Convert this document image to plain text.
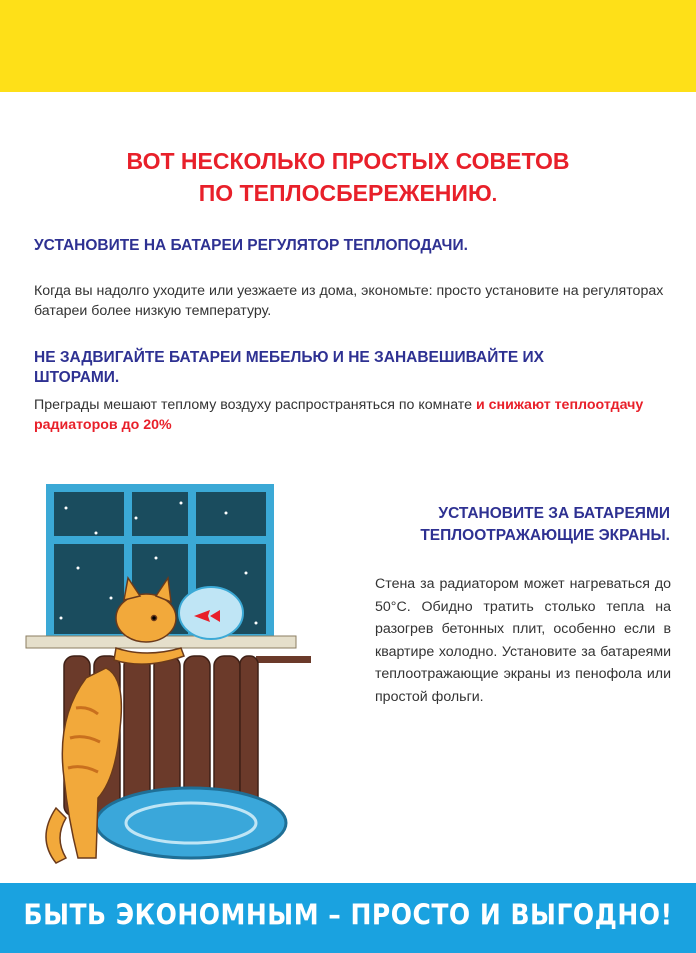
ВОТ НЕСКОЛЬКО ПРОСТЫХ СОВЕТОВ
ПО ТЕПЛОСБЕРЕЖЕНИЮ.
УСТАНОВИТЕ НА БАТАРЕИ РЕГУЛЯТОР ТЕПЛОПОДАЧИ.
Когда вы надолго уходите или уезжаете из дома, экономьте: просто установите на регуляторах батареи более низкую температуру.
НЕ ЗАДВИГАЙТЕ БАТАРЕИ МЕБЕЛЬЮ И НЕ ЗАНАВЕШИВАЙТЕ ИХ ШТОРАМИ.
Преграды мешают теплому воздуху распространяться по комнате и снижают теплоотдачу радиаторов до 20%
УСТАНОВИТЕ ЗА БАТАРЕЯМИ
ТЕПЛООТРАЖАЮЩИЕ ЭКРАНЫ.
Стена за радиатором может нагреваться до 50°С. Обидно тратить столько тепла на разогрев бетонных плит, особенно если в квартире холодно. Установите за батареями теплоотражающие экраны из пенофола или простой фольги.
БЫТЬ ЭКОНОМНЫМ – ПРОСТО И ВЫГОДНО!
